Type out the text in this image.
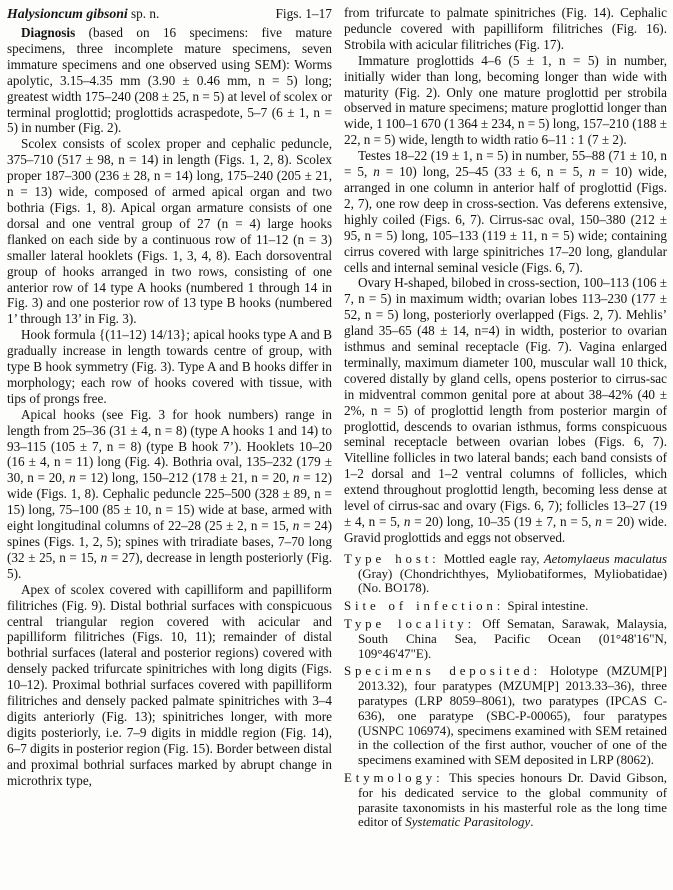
Halysioncum gibsoni sp. n.	Figs. 1–17

Diagnosis (based on 16 specimens: five mature specimens, three incomplete mature specimens, seven immature specimens and one observed using SEM): Worms apolytic, 3.15–4.35 mm (3.90 ± 0.46 mm, n = 5) long; greatest width 175–240 (208 ± 25, n = 5) at level of scolex or terminal proglottid; proglottids acraspedote, 5–7 (6 ± 1, n = 5) in number (Fig. 2).

Scolex consists of scolex proper and cephalic peduncle, 375–710 (517 ± 98, n = 14) in length (Figs. 1, 2, 8). Scolex proper 187–300 (236 ± 28, n = 14) long, 175–240 (205 ± 21, n = 13) wide, composed of armed apical organ and two bothria (Figs. 1, 8). Apical organ armature consists of one dorsal and one ventral group of 27 (n = 4) large hooks flanked on each side by a continuous row of 11–12 (n = 3) smaller lateral hooklets (Figs. 1, 3, 4, 8). Each dorsoventral group of hooks arranged in two rows, consisting of one anterior row of 14 type A hooks (numbered 1 through 14 in Fig. 3) and one posterior row of 13 type B hooks (numbered 1’ through 13’ in Fig. 3).

Hook formula {(11–12) 14/13}; apical hooks type A and B gradually increase in length towards centre of group, with type B hook symmetry (Fig. 3). Type A and B hooks differ in morphology; each row of hooks covered with tissue, with tips of prongs free.

Apical hooks (see Fig. 3 for hook numbers) range in length from 25–36 (31 ± 4, n = 8) (type A hooks 1 and 14) to 93–115 (105 ± 7, n = 8) (type B hook 7’). Hooklets 10–20 (16 ± 4, n = 11) long (Fig. 4). Bothria oval, 135–232 (179 ± 30, n = 20, n = 12) long, 150–212 (178 ± 21, n = 20, n = 12) wide (Figs. 1, 8). Cephalic peduncle 225–500 (328 ± 89, n = 15) long, 75–100 (85 ± 10, n = 15) wide at base, armed with eight longitudinal columns of 22–28 (25 ± 2, n = 15, n = 24) spines (Figs. 1, 2, 5); spines with triradiate bases, 7–70 long (32 ± 25, n = 15, n = 27), decrease in length posteriorly (Fig. 5).

Apex of scolex covered with capilliform and papilliform filitriches (Fig. 9). Distal bothrial surfaces with conspicuous central triangular region covered with acicular and papilliform filitriches (Figs. 10, 11); remainder of distal bothrial surfaces (lateral and posterior regions) covered with densely packed trifurcate spinitriches with long digits (Figs. 10–12). Proximal bothrial surfaces covered with papilliform filitriches and densely packed palmate spinitriches with 3–4 digits anteriorly (Fig. 13); spinitriches longer, with more digits posteriorly, i.e. 7–9 digits in middle region (Fig. 14), 6–7 digits in posterior region (Fig. 15). Border between distal and proximal bothrial surfaces marked by abrupt change in microthrix type,

from trifurcate to palmate spinitriches (Fig. 14). Cephalic peduncle covered with papilliform filitriches (Fig. 16). Strobila with acicular filitriches (Fig. 17).

Immature proglottids 4–6 (5 ± 1, n = 5) in number, initially wider than long, becoming longer than wide with maturity (Fig. 2). Only one mature proglottid per strobila observed in mature specimens; mature proglottid longer than wide, 1 100–1 670 (1 364 ± 234, n = 5) long, 157–210 (188 ± 22, n = 5) wide, length to width ratio 6–11 : 1 (7 ± 2).

Testes 18–22 (19 ± 1, n = 5) in number, 55–88 (71 ± 10, n = 5, n = 10) long, 25–45 (33 ± 6, n = 5, n = 10) wide, arranged in one column in anterior half of proglottid (Figs. 2, 7), one row deep in cross-section. Vas deferens extensive, highly coiled (Figs. 6, 7). Cirrus-sac oval, 150–380 (212 ± 95, n = 5) long, 105–133 (119 ± 11, n = 5) wide; containing cirrus covered with large spinitriches 17–20 long, glandular cells and internal seminal vesicle (Figs. 6, 7).

Ovary H-shaped, bilobed in cross-section, 100–113 (106 ± 7, n = 5) in maximum width; ovarian lobes 113–230 (177 ± 52, n = 5) long, posteriorly overlapped (Figs. 2, 7). Mehlis’ gland 35–65 (48 ± 14, n=4) in width, posterior to ovarian isthmus and seminal receptacle (Fig. 7). Vagina enlarged terminally, maximum diameter 100, muscular wall 10 thick, covered distally by gland cells, opens posterior to cirrus-sac in midventral common genital pore at about 38–42% (40 ± 2%, n = 5) of proglottid length from posterior margin of proglottid, descends to ovarian isthmus, forms conspicuous seminal receptacle between ovarian lobes (Figs. 6, 7). Vitelline follicles in two lateral bands; each band consists of 1–2 dorsal and 1–2 ventral columns of follicles, which extend throughout proglottid length, becoming less dense at level of cirrus-sac and ovary (Figs. 6, 7); follicles 13–27 (19 ± 4, n = 5, n = 20) long, 10–35 (19 ± 7, n = 5, n = 20) wide. Gravid proglottids and eggs not observed.

Type host: Mottled eagle ray, Aetomylaeus maculatus (Gray) (Chondrichthyes, Myliobatiformes, Myliobatidae) (No. BO178).

Site of infection: Spiral intestine.

Type locality: Off Sematan, Sarawak, Malaysia, South China Sea, Pacific Ocean (01°48'16"N, 109°46'47"E).

Specimens deposited: Holotype (MZUM[P] 2013.32), four paratypes (MZUM[P] 2013.33–36), three paratypes (LRP 8059–8061), two paratypes (IPCAS C-636), one paratype (SBC-P-00065), four paratypes (USNPC 106974), specimens examined with SEM retained in the collection of the first author, voucher of one of the specimens examined with SEM deposited in LRP (8062).

Etymology: This species honours Dr. David Gibson, for his dedicated service to the global community of parasite taxonomists in his masterful role as the long time editor of Systematic Parasitology.
